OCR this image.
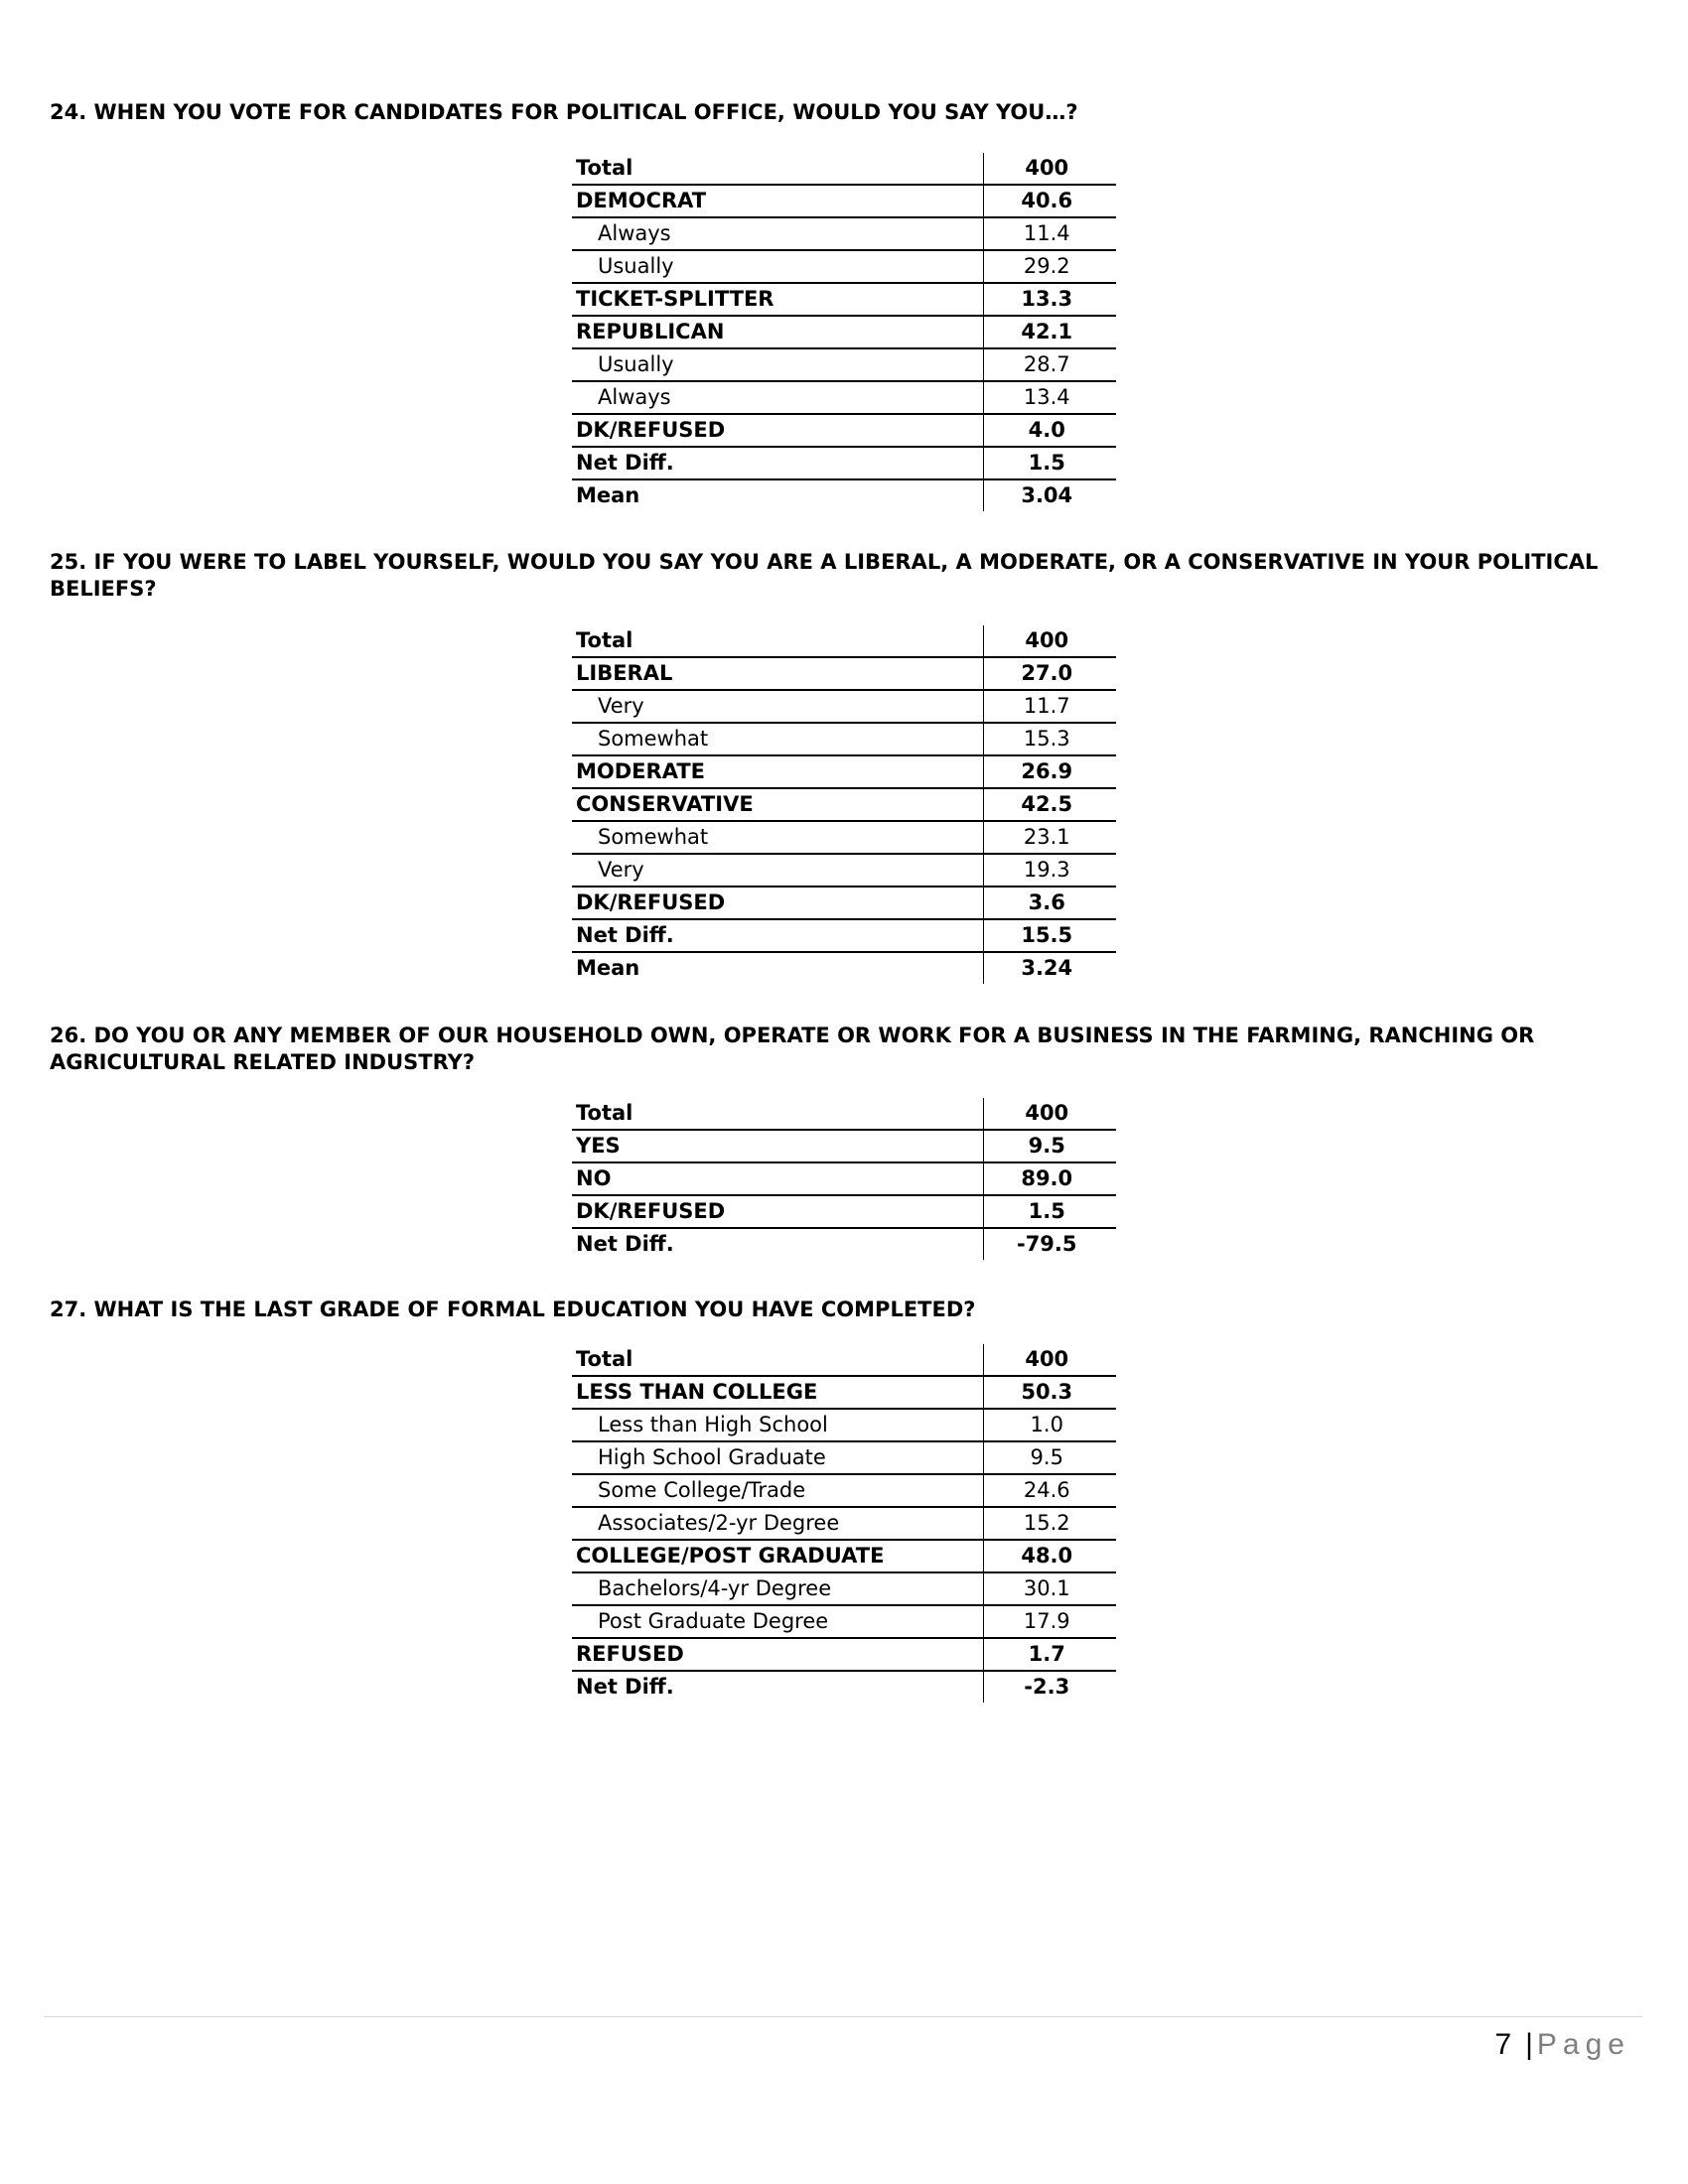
24. WHEN YOU VOTE FOR CANDIDATES FOR POLITICAL OFFICE, WOULD YOU SAY YOU…?

Total	400
DEMOCRAT	40.6
Always	11.4
Usually	29.2
TICKET-SPLITTER	13.3
REPUBLICAN	42.1
Usually	28.7
Always	13.4
DK/REFUSED	4.0
Net Diff.	1.5
Mean	3.04

25. IF YOU WERE TO LABEL YOURSELF, WOULD YOU SAY YOU ARE A LIBERAL, A MODERATE, OR A CONSERVATIVE IN YOUR POLITICAL BELIEFS?

Total	400
LIBERAL	27.0
Very	11.7
Somewhat	15.3
MODERATE	26.9
CONSERVATIVE	42.5
Somewhat	23.1
Very	19.3
DK/REFUSED	3.6
Net Diff.	15.5
Mean	3.24

26. DO YOU OR ANY MEMBER OF OUR HOUSEHOLD OWN, OPERATE OR WORK FOR A BUSINESS IN THE FARMING, RANCHING OR AGRICULTURAL RELATED INDUSTRY?

Total	400
YES	9.5
NO	89.0
DK/REFUSED	1.5
Net Diff.	-79.5

27. WHAT IS THE LAST GRADE OF FORMAL EDUCATION YOU HAVE COMPLETED?

Total	400
LESS THAN COLLEGE	50.3
Less than High School	1.0
High School Graduate	9.5
Some College/Trade	24.6
Associates/2-yr Degree	15.2
COLLEGE/POST GRADUATE	48.0
Bachelors/4-yr Degree	30.1
Post Graduate Degree	17.9
REFUSED	1.7
Net Diff.	-2.3
7 | Page
